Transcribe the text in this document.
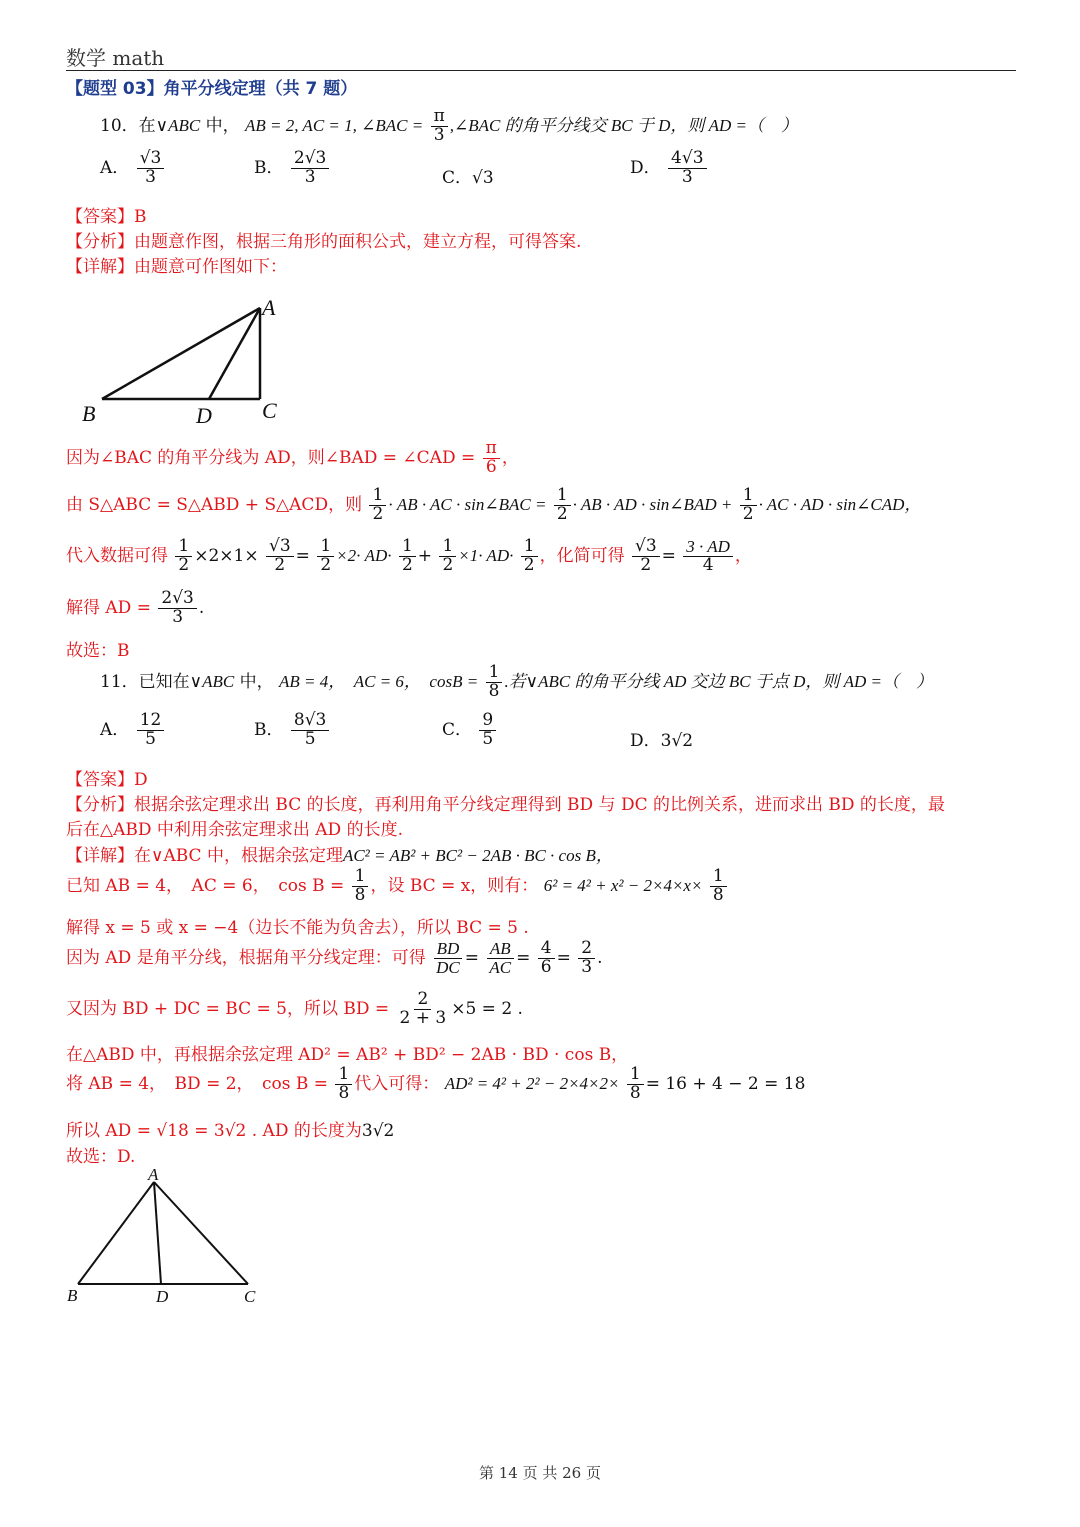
数学 math
【题型 03】角平分线定理（共 7 题）
10．在∨ABC 中， AB = 2, AC = 1, ∠BAC = $\frac{\pi}{3}$ ,∠BAC 的角平分线交 BC 于 D，则 AD =（　）
A． $\frac{√3}{3}$	B． $\frac{2√3}{3}$	C．√3
D． $\frac{4√3}{3}$
【答案】B
【分析】由题意作图，根据三角形的面积公式，建立方程，可得答案.
【详解】由题意可作图如下：
A
B	D C
因为∠BAC 的角平分线为 AD，则∠BAD = ∠CAD = $\frac{\pi}{6}$ ，
由 S△ABC = S△ABD + S△ACD，则 $\frac{1}{2}$ · AB · AC · sin∠BAC = $\frac{1}{2}$ · AB · AD · sin∠BAD + $\frac{1}{2}$ · AC · AD · sin∠CAD，
代入数据可得 $\frac{1}{2} \times 2\times 1\times \frac{√3}{2} = \frac{1}{2} \times 2\cdot AD\cdot \frac{1}{2} + \frac{1}{2} \times 1\cdot AD\cdot \frac{1}{2}$ ，化简可得 $\frac{√3}{2} = \frac{3 \cdot AD}{4}$ ，
解得 AD = $\frac{2√3}{3}$ .
故选：B
11．已知在∨ABC 中， AB = 4，　AC = 6，　$\cos B = \frac{1}{8}$ .若∨ABC 的角平分线 AD 交边 BC 于点 D，则 AD =（　）
A． $\frac{12}{5}$	B． $\frac{8√3}{5}$	C． $\frac{9}{5}$	D．3√2
【答案】D
【分析】根据余弦定理求出 BC 的长度，再利用角平分线定理得到 BD 与 DC 的比例关系，进而求出 BD 的长度，最
后在△ABD 中利用余弦定理求出 AD 的长度.
【详解】在∨ABC 中，根据余弦定理AC² = AB² + BC² − 2AB · BC · cos B，
已知 AB = 4，　AC = 6，　$\cos B = \frac{1}{8}$ ，设 BC = x，则有： $6^2 = 4^2 + x^2 - 2\times 4\times x\times \frac{1}{8}$
解得 x = 5 或 x = −4（边长不能为负舍去），所以 BC = 5 .
因为 AD 是角平分线，根据角平分线定理：可得 $\frac{BD}{DC} = \frac{AB}{AC} = \frac{4}{6} = \frac{2}{3}$ .
又因为 BD + DC = BC = 5，所以 BD = $\frac{2}{2 + 3} \times 5 = 2$ .
在△ABD 中，再根据余弦定理 AD² = AB² + BD² − 2AB · BD · cos B，
将 AB = 4，　BD = 2，　$\cos B = \frac{1}{8}$ 代入可得： $AD^2 = 4^2 + 2^2 - 2\times 4\times 2\times \frac{1}{8} = 16 + 4 - 2 = 18$
所以 AD = √18 = 3√2 . AD 的长度为3√2
故选：D.
A
B	D	C
第 14 页 共 26 页
